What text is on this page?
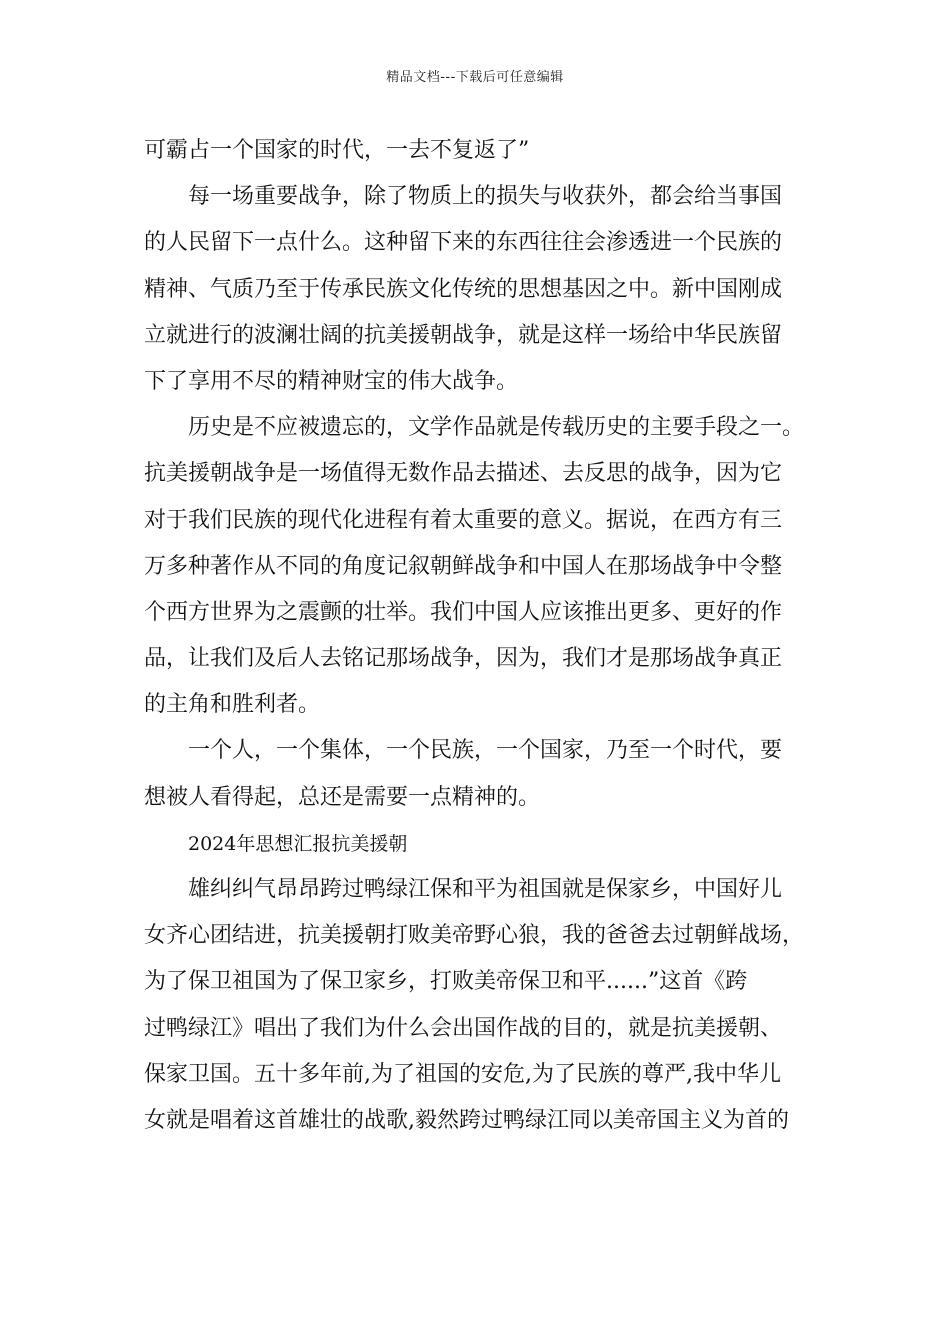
精品文档---下载后可任意编辑
可霸占一个国家的时代，一去不复返了”
每一场重要战争，除了物质上的损失与收获外，都会给当事国
的人民留下一点什么。这种留下来的东西往往会渗透进一个民族的
精神、气质乃至于传承民族文化传统的思想基因之中。新中国刚成
立就进行的波澜壮阔的抗美援朝战争，就是这样一场给中华民族留
下了享用不尽的精神财宝的伟大战争。
历史是不应被遗忘的，文学作品就是传载历史的主要手段之一。
抗美援朝战争是一场值得无数作品去描述、去反思的战争，因为它
对于我们民族的现代化进程有着太重要的意义。据说，在西方有三
万多种著作从不同的角度记叙朝鲜战争和中国人在那场战争中令整
个西方世界为之震颤的壮举。我们中国人应该推出更多、更好的作
品，让我们及后人去铭记那场战争，因为，我们才是那场战争真正
的主角和胜利者。
一个人，一个集体，一个民族，一个国家，乃至一个时代，要
想被人看得起，总还是需要一点精神的。
2024年思想汇报抗美援朝
雄纠纠气昂昂跨过鸭绿江保和平为祖国就是保家乡，中国好儿
女齐心团结进，抗美援朝打败美帝野心狼，我的爸爸去过朝鲜战场，
为了保卫祖国为了保卫家乡，打败美帝保卫和平......”这首《跨
过鸭绿江》唱出了我们为什么会出国作战的目的，就是抗美援朝、
保家卫国。五十多年前,为了祖国的安危,为了民族的尊严,我中华儿
女就是唱着这首雄壮的战歌,毅然跨过鸭绿江同以美帝国主义为首的
